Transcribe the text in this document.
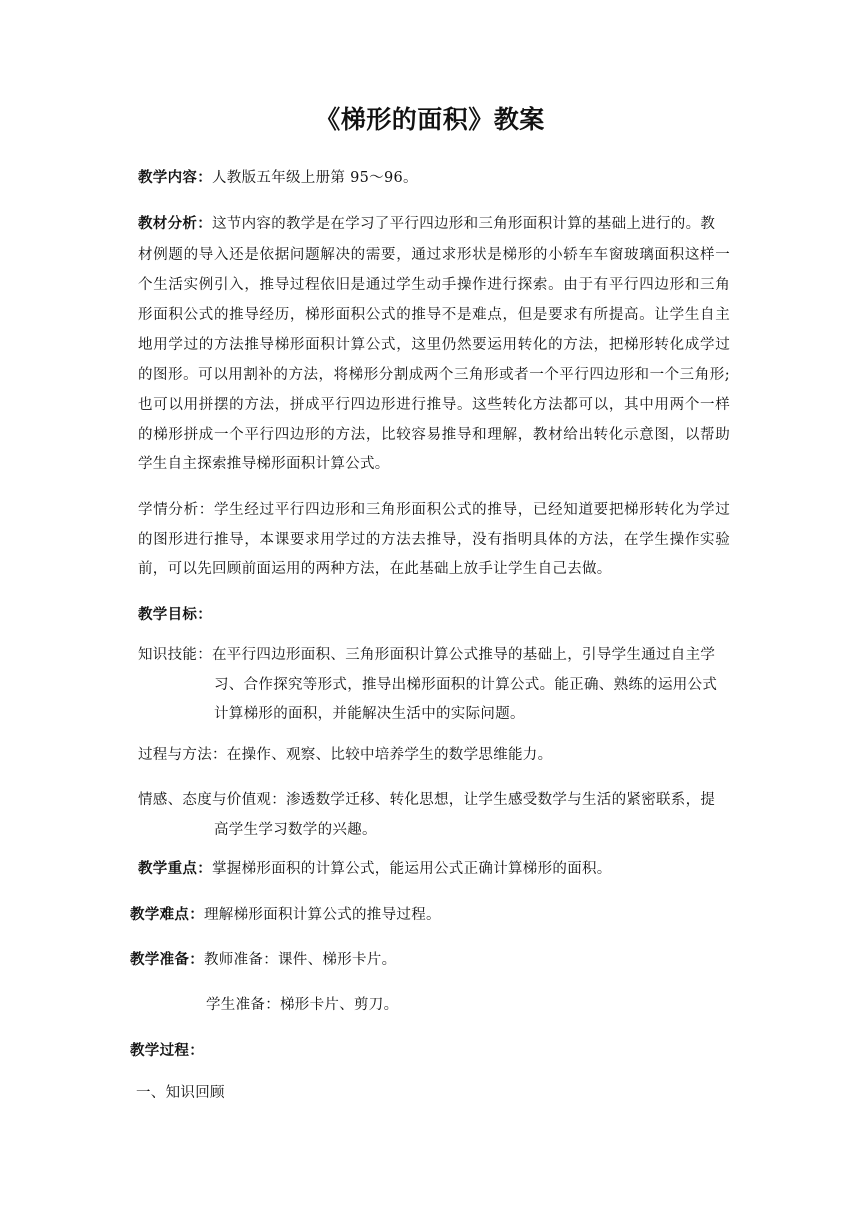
《梯形的面积》教案
教学内容：人教版五年级上册第 95～96。
教材分析：这节内容的教学是在学习了平行四边形和三角形面积计算的基础上进行的。教
材例题的导入还是依据问题解决的需要，通过求形状是梯形的小轿车车窗玻璃面积这样一
个生活实例引入，推导过程依旧是通过学生动手操作进行探索。由于有平行四边形和三角
形面积公式的推导经历，梯形面积公式的推导不是难点，但是要求有所提高。让学生自主
地用学过的方法推导梯形面积计算公式，这里仍然要运用转化的方法，把梯形转化成学过
的图形。可以用割补的方法，将梯形分割成两个三角形或者一个平行四边形和一个三角形;
也可以用拼摆的方法，拼成平行四边形进行推导。这些转化方法都可以，其中用两个一样
的梯形拼成一个平行四边形的方法，比较容易推导和理解，教材给出转化示意图，以帮助
学生自主探索推导梯形面积计算公式。
学情分析：学生经过平行四边形和三角形面积公式的推导，已经知道要把梯形转化为学过
的图形进行推导，本课要求用学过的方法去推导，没有指明具体的方法，在学生操作实验
前，可以先回顾前面运用的两种方法，在此基础上放手让学生自己去做。
教学目标：
知识技能：在平行四边形面积、三角形面积计算公式推导的基础上，引导学生通过自主学
习、合作探究等形式，推导出梯形面积的计算公式。能正确、熟练的运用公式
计算梯形的面积，并能解决生活中的实际问题。
过程与方法：在操作、观察、比较中培养学生的数学思维能力。
情感、态度与价值观：渗透数学迁移、转化思想，让学生感受数学与生活的紧密联系，提
高学生学习数学的兴趣。
教学重点：掌握梯形面积的计算公式，能运用公式正确计算梯形的面积。
教学难点：理解梯形面积计算公式的推导过程。
教学准备：教师准备：课件、梯形卡片。
学生准备：梯形卡片、剪刀。
教学过程：
一、知识回顾
